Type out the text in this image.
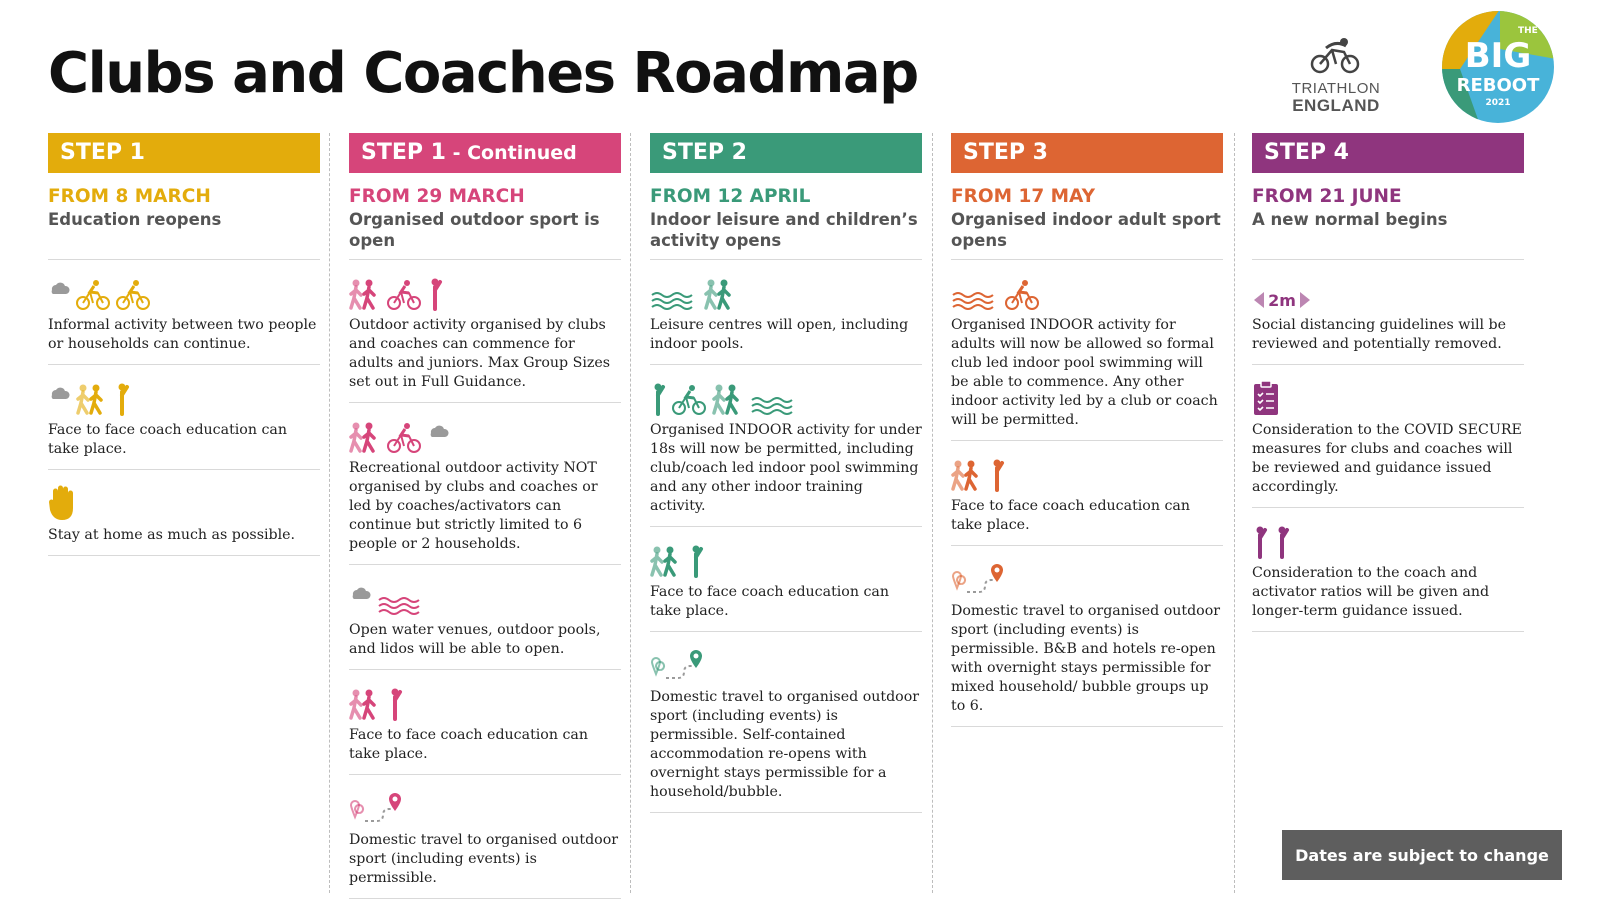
Clubs and Coaches Roadmap	TRIATHLON
ENGLAND
THE
BIG
REBOOT
2021
STEP 1
FROM 8 MARCH
Education reopens
Informal activity between two people or households can continue.
Face to face coach education can take place.
Stay at home as much as possible.
STEP 1 - Continued
FROM 29 MARCH
Organised outdoor sport is open
Outdoor activity organised by clubs and coaches can commence for adults and juniors. Max Group Sizes set out in Full Guidance.
Recreational outdoor activity NOT organised by clubs and coaches or led by coaches/activators can continue but strictly limited to 6 people or 2 households.
Open water venues, outdoor pools, and lidos will be able to open.
Face to face coach education can take place.
Domestic travel to organised outdoor sport (including events) is permissible.
STEP 2
FROM 12 APRIL
Indoor leisure and children’s activity opens
Leisure centres will open, including indoor pools.
Organised INDOOR activity for under 18s will now be permitted, including club/coach led indoor pool swimming and any other indoor training activity.
Face to face coach education can take place.
Domestic travel to organised outdoor sport (including events) is permissible. Self-contained accommodation re-opens with overnight stays permissible for a household/bubble.
STEP 3
FROM 17 MAY
Organised indoor adult sport opens
Organised INDOOR activity for adults will now be allowed so formal club led indoor pool swimming will be able to commence. Any other indoor activity led by a club or coach will be permitted.
Face to face coach education can take place.
Domestic travel to organised outdoor sport (including events) is permissible. B&B and hotels re-open with overnight stays permissible for mixed household/ bubble groups up to 6.
STEP 4
FROM 21 JUNE
A new normal begins
2m
Social distancing guidelines will be reviewed and potentially removed.
Consideration to the COVID SECURE measures for clubs and coaches will be reviewed and guidance issued accordingly.
Consideration to the coach and activator ratios will be given and longer-term guidance issued.
Dates are subject to change
